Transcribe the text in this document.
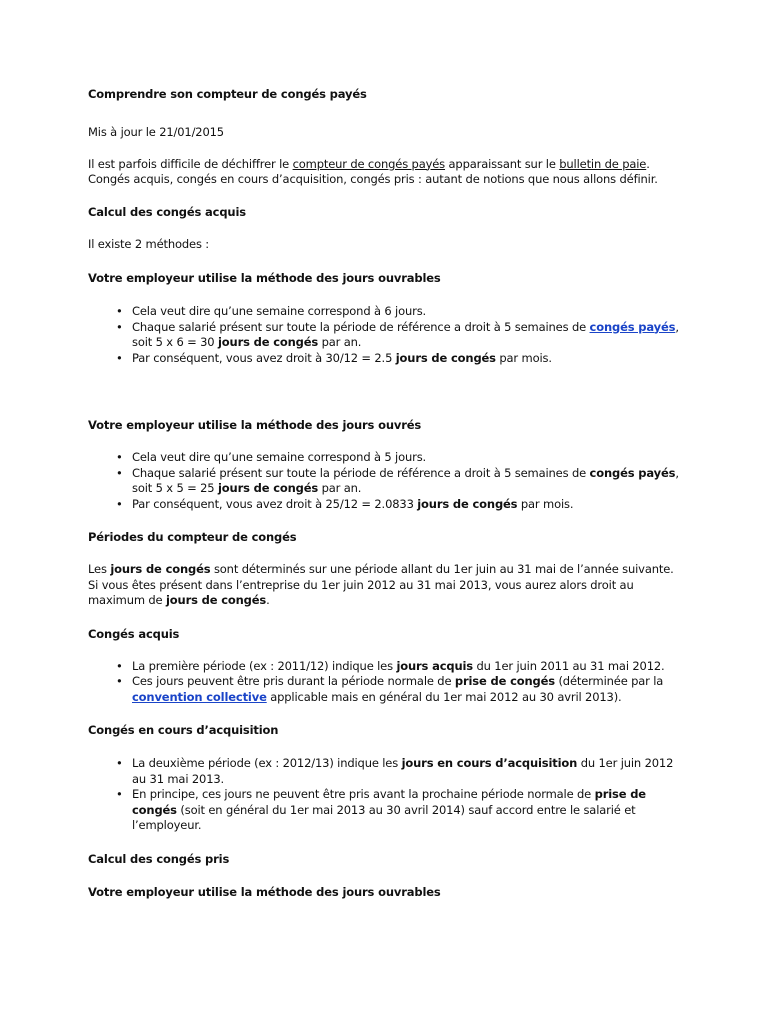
Comprendre son compteur de congés payés

Mis à jour le 21/01/2015

Il est parfois difficile de déchiffrer le compteur de congés payés apparaissant sur le bulletin de paie.
Congés acquis, congés en cours d’acquisition, congés pris : autant de notions que nous allons définir.

Calcul des congés acquis

Il existe 2 méthodes :

Votre employeur utilise la méthode des jours ouvrables

• Cela veut dire qu’une semaine correspond à 6 jours.
• Chaque salarié présent sur toute la période de référence a droit à 5 semaines de congés payés,
soit 5 x 6 = 30 jours de congés par an.
• Par conséquent, vous avez droit à 30/12 = 2.5 jours de congés par mois.

Votre employeur utilise la méthode des jours ouvrés

• Cela veut dire qu’une semaine correspond à 5 jours.
• Chaque salarié présent sur toute la période de référence a droit à 5 semaines de congés payés,
soit 5 x 5 = 25 jours de congés par an.
• Par conséquent, vous avez droit à 25/12 = 2.0833 jours de congés par mois.

Périodes du compteur de congés

Les jours de congés sont déterminés sur une période allant du 1er juin au 31 mai de l’année suivante.
Si vous êtes présent dans l’entreprise du 1er juin 2012 au 31 mai 2013, vous aurez alors droit au
maximum de jours de congés.

Congés acquis

• La première période (ex : 2011/12) indique les jours acquis du 1er juin 2011 au 31 mai 2012.
• Ces jours peuvent être pris durant la période normale de prise de congés (déterminée par la
convention collective applicable mais en général du 1er mai 2012 au 30 avril 2013).

Congés en cours d’acquisition

• La deuxième période (ex : 2012/13) indique les jours en cours d’acquisition du 1er juin 2012
au 31 mai 2013.
• En principe, ces jours ne peuvent être pris avant la prochaine période normale de prise de
congés (soit en général du 1er mai 2013 au 30 avril 2014) sauf accord entre le salarié et
l’employeur.

Calcul des congés pris

Votre employeur utilise la méthode des jours ouvrables
